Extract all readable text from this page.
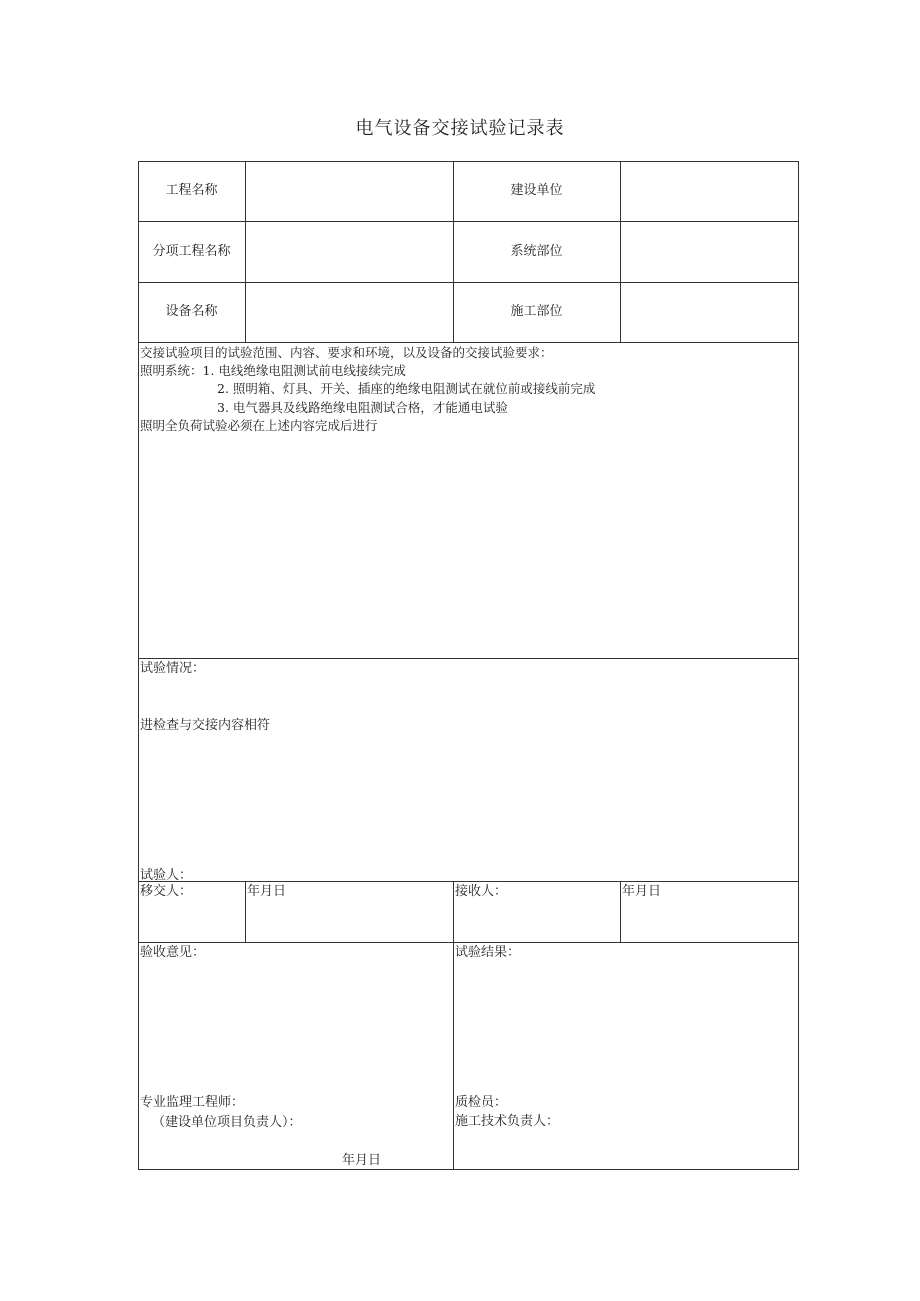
电气设备交接试验记录表
工程名称	建设单位
分项工程名称	系统部位
设备名称	施工部位
交接试验项目的试验范围、内容、要求和环境，以及设备的交接试验要求：
照明系统：1. 电线绝缘电阻测试前电线接续完成
2. 照明箱、灯具、开关、插座的绝缘电阻测试在就位前或接线前完成
3. 电气器具及线路绝缘电阻测试合格，才能通电试验
照明全负荷试验必须在上述内容完成后进行
试验情况：
进检查与交接内容相符
试验人：
移交人：	年月日	接收人：	年月日
验收意见：
专业监理工程师：
（建设单位项目负责人）：
年月日
试验结果：
质检员：
施工技术负责人：
